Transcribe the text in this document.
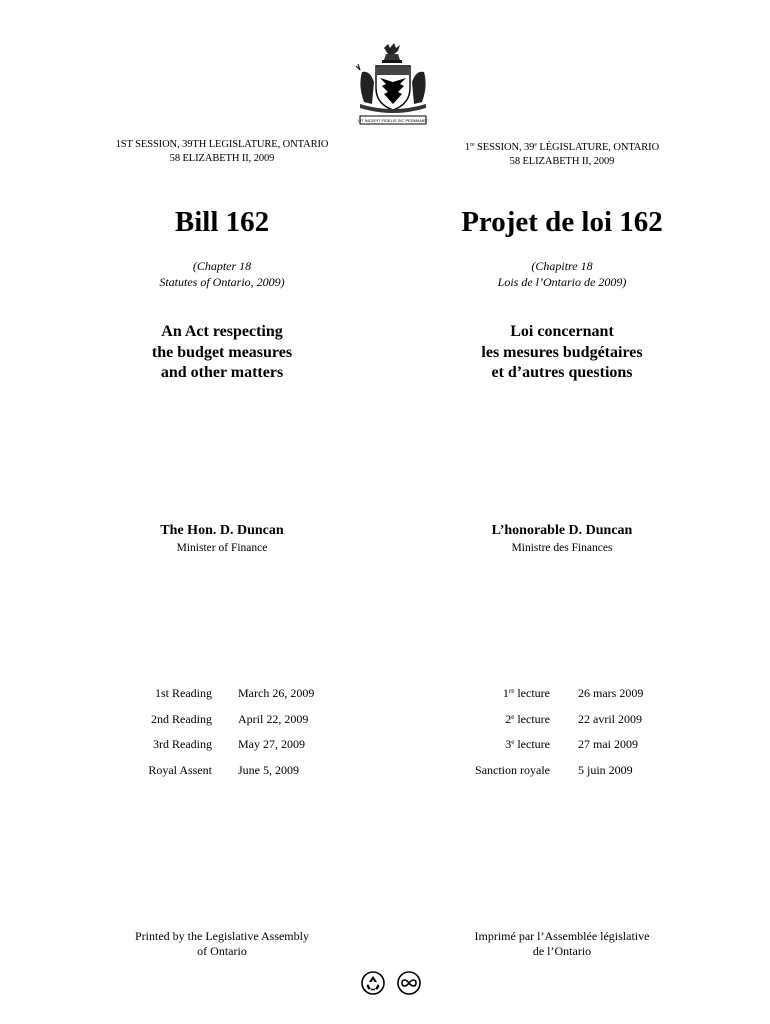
UT INCEPIT FIDELIS SIC PERMANET
1ST SESSION, 39TH LEGISLATURE, ONTARIO
58 ELIZABETH II, 2009
1re SESSION, 39e LÉGISLATURE, ONTARIO
58 ELIZABETH II, 2009
Bill 162	Projet de loi 162
(Chapter 18
Statutes of Ontario, 2009)
(Chapitre 18
Lois de l’Ontario de 2009)
An Act respecting
the budget measures
and other matters
Loi concernant
les mesures budgétaires
et d’autres questions
The Hon. D. Duncan
Minister of Finance
L’honorable D. Duncan
Ministre des Finances
1st Reading	March 26, 2009
2nd Reading	April 22, 2009
3rd Reading	May 27, 2009
Royal Assent	June 5, 2009
1re lecture	26 mars 2009
2e lecture	22 avril 2009
3e lecture	27 mai 2009
Sanction royale	5 juin 2009
Printed by the Legislative Assembly
of Ontario
Imprimé par l’Assemblée législative
de l’Ontario
